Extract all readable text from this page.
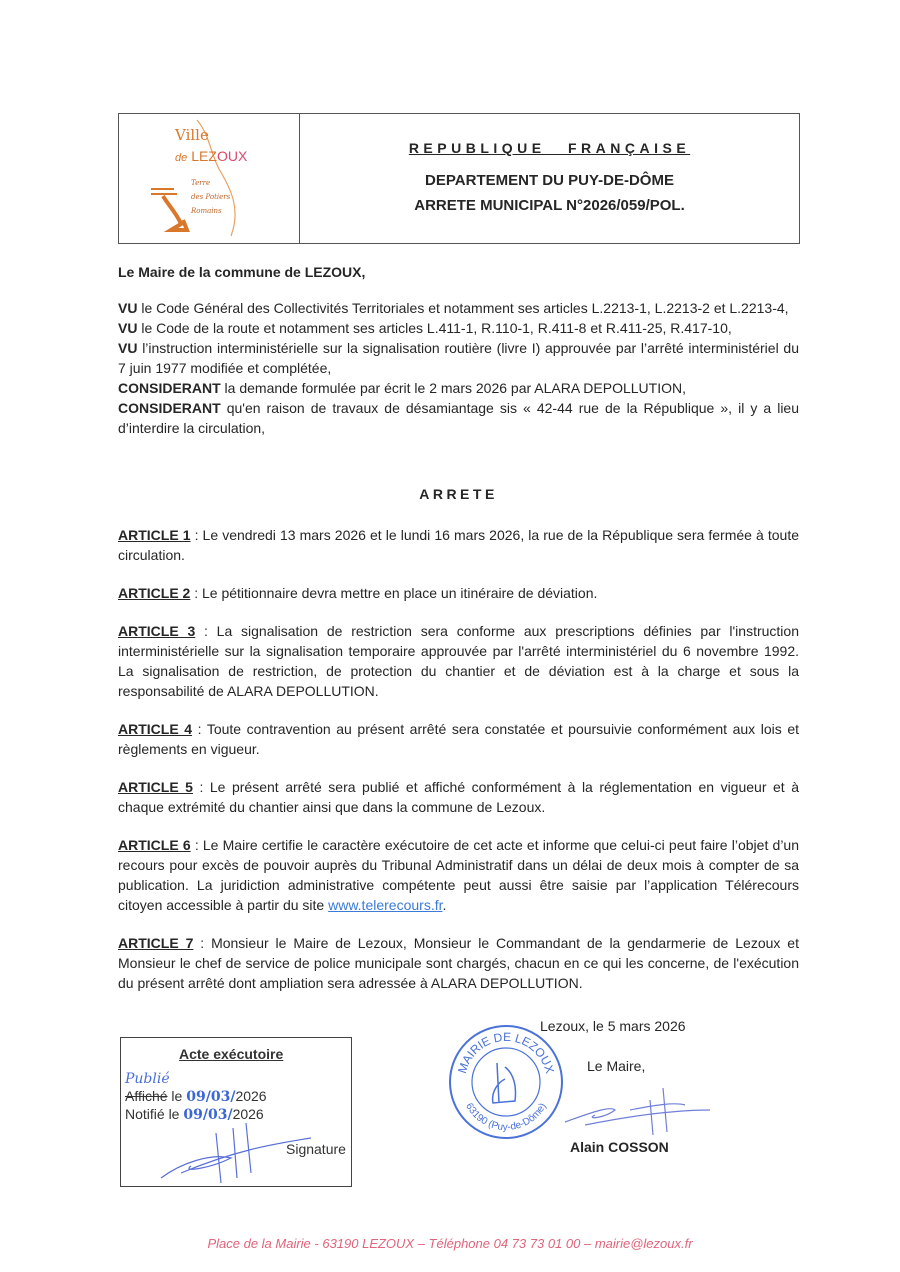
Ville
de LEZOUX
Terre
des Potiers
Romains
REPUBLIQUE FRANÇAISE
DEPARTEMENT DU PUY-DE-DÔME
ARRETE MUNICIPAL N°2026/059/POL.
Le Maire de la commune de LEZOUX,

VU le Code Général des Collectivités Territoriales et notamment ses articles L.2213-1, L.2213-2 et L.2213-4,

VU le Code de la route et notamment ses articles L.411-1, R.110-1, R.411-8 et R.411-25, R.417-10,

VU l’instruction interministérielle sur la signalisation routière (livre I) approuvée par l’arrêté interministériel du 7 juin 1977 modifiée et complétée,

CONSIDERANT la demande formulée par écrit le 2 mars 2026 par ALARA DEPOLLUTION,

CONSIDERANT qu'en raison de travaux de désamiantage sis « 42-44 rue de la République », il y a lieu d’interdire la circulation,

ARRETE

ARTICLE 1 : Le vendredi 13 mars 2026 et le lundi 16 mars 2026, la rue de la République sera fermée à toute circulation.

ARTICLE 2 : Le pétitionnaire devra mettre en place un itinéraire de déviation.

ARTICLE 3 : La signalisation de restriction sera conforme aux prescriptions définies par l'instruction interministérielle sur la signalisation temporaire approuvée par l'arrêté interministériel du 6 novembre 1992. La signalisation de restriction, de protection du chantier et de déviation est à la charge et sous la responsabilité de ALARA DEPOLLUTION.

ARTICLE 4 : Toute contravention au présent arrêté sera constatée et poursuivie conformément aux lois et règlements en vigueur.

ARTICLE 5 : Le présent arrêté sera publié et affiché conformément à la réglementation en vigueur et à chaque extrémité du chantier ainsi que dans la commune de Lezoux.

ARTICLE 6 : Le Maire certifie le caractère exécutoire de cet acte et informe que celui-ci peut faire l’objet d’un recours pour excès de pouvoir auprès du Tribunal Administratif dans un délai de deux mois à compter de sa publication. La juridiction administrative compétente peut aussi être saisie par l’application Télérecours citoyen accessible à partir du site www.telerecours.fr.

ARTICLE 7 : Monsieur le Maire de Lezoux, Monsieur le Commandant de la gendarmerie de Lezoux et Monsieur le chef de service de police municipale sont chargés, chacun en ce qui les concerne, de l'exécution du présent arrêté dont ampliation sera adressée à ALARA DEPOLLUTION.

Acte exécutoire
Publié
Affiché le 09/03/2026
Notifié le 09/03/2026
Signature
Lezoux, le 5 mars 2026
MAIRIE DE LEZOUX
63190 (Puy-de-Dôme)
Le Maire,
Alain COSSON
Place de la Mairie - 63190 LEZOUX – Téléphone 04 73 73 01 00 – mairie@lezoux.fr
